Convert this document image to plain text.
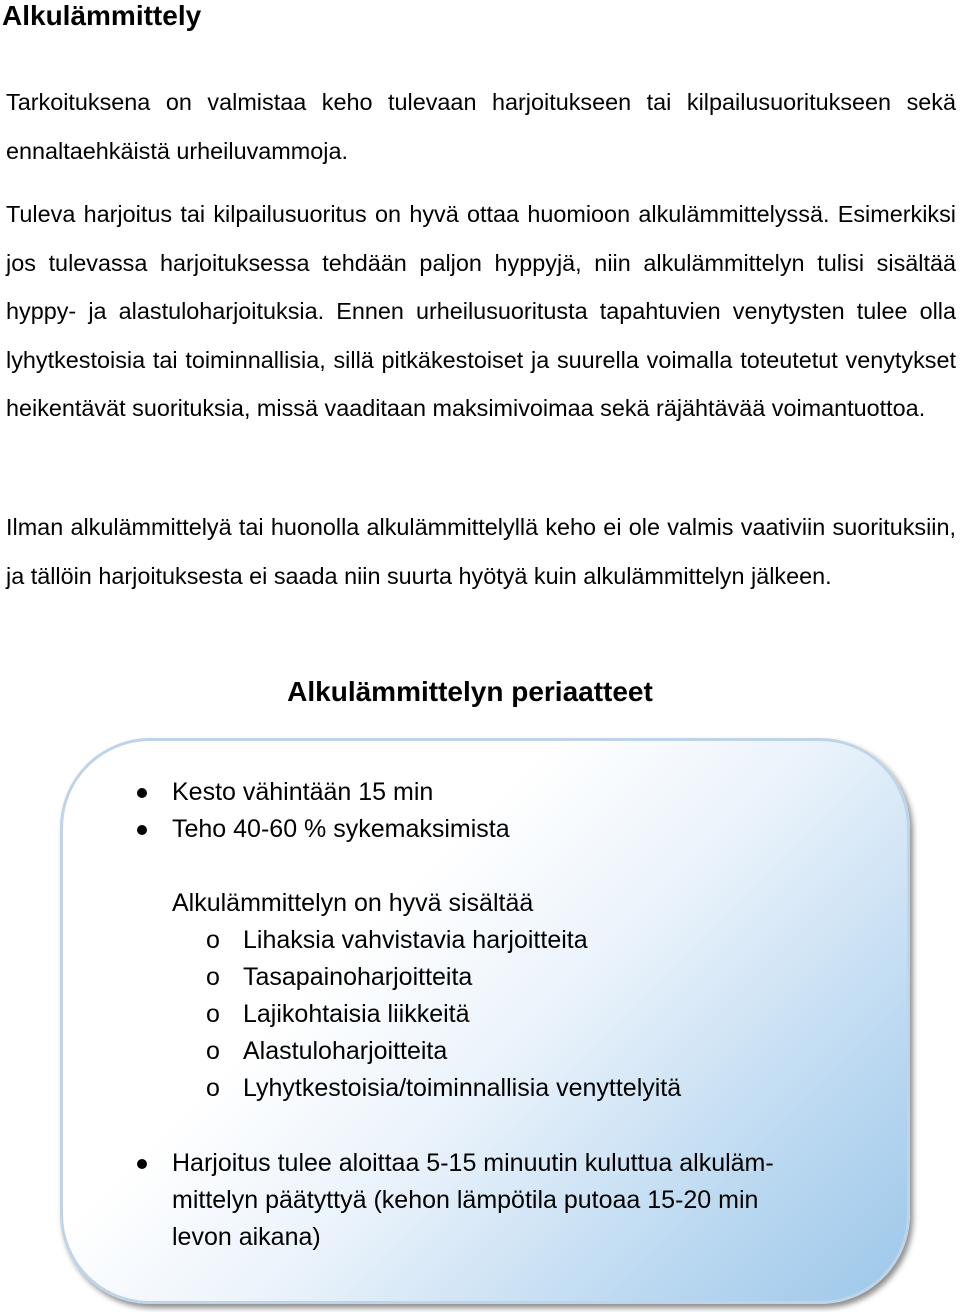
Alkulämmittely

Tarkoituksena on valmistaa keho tulevaan harjoitukseen tai kilpailusuoritukseen sekä ennaltaehkäistä urheiluvammoja.

Tuleva harjoitus tai kilpailusuoritus on hyvä ottaa huomioon alkulämmittelyssä. Esimerkiksi jos tulevassa harjoituksessa tehdään paljon hyppyjä, niin alkulämmittelyn tulisi sisältää hyppy- ja alastuloharjoituksia. Ennen urheilusuoritusta tapahtuvien venytysten tulee olla lyhytkestoisia tai toiminnallisia, sillä pitkäkestoiset ja suurella voimalla toteutetut venytykset heikentävät suorituksia, missä vaaditaan maksimivoimaa sekä räjähtävää voimantuottoa.

Ilman alkulämmittelyä tai huonolla alkulämmittelyllä keho ei ole valmis vaativiin suorituksiin, ja tällöin harjoituksesta ei saada niin suurta hyötyä kuin alkulämmittelyn jälkeen.

Alkulämmittelyn periaatteet
Kesto vähintään 15 min
Teho 40-60 % sykemaksimista
Alkulämmittelyn on hyvä sisältää
o Lihaksia vahvistavia harjoitteita
o Tasapainoharjoitteita
o Lajikohtaisia liikkeitä
o Alastuloharjoitteita
o Lyhytkestoisia/toiminnallisia venyttelyitä
Harjoitus tulee aloittaa 5-15 minuutin kuluttua alkuläm-
mittelyn päätyttyä (kehon lämpötila putoaa 15-20 min
levon aikana)
